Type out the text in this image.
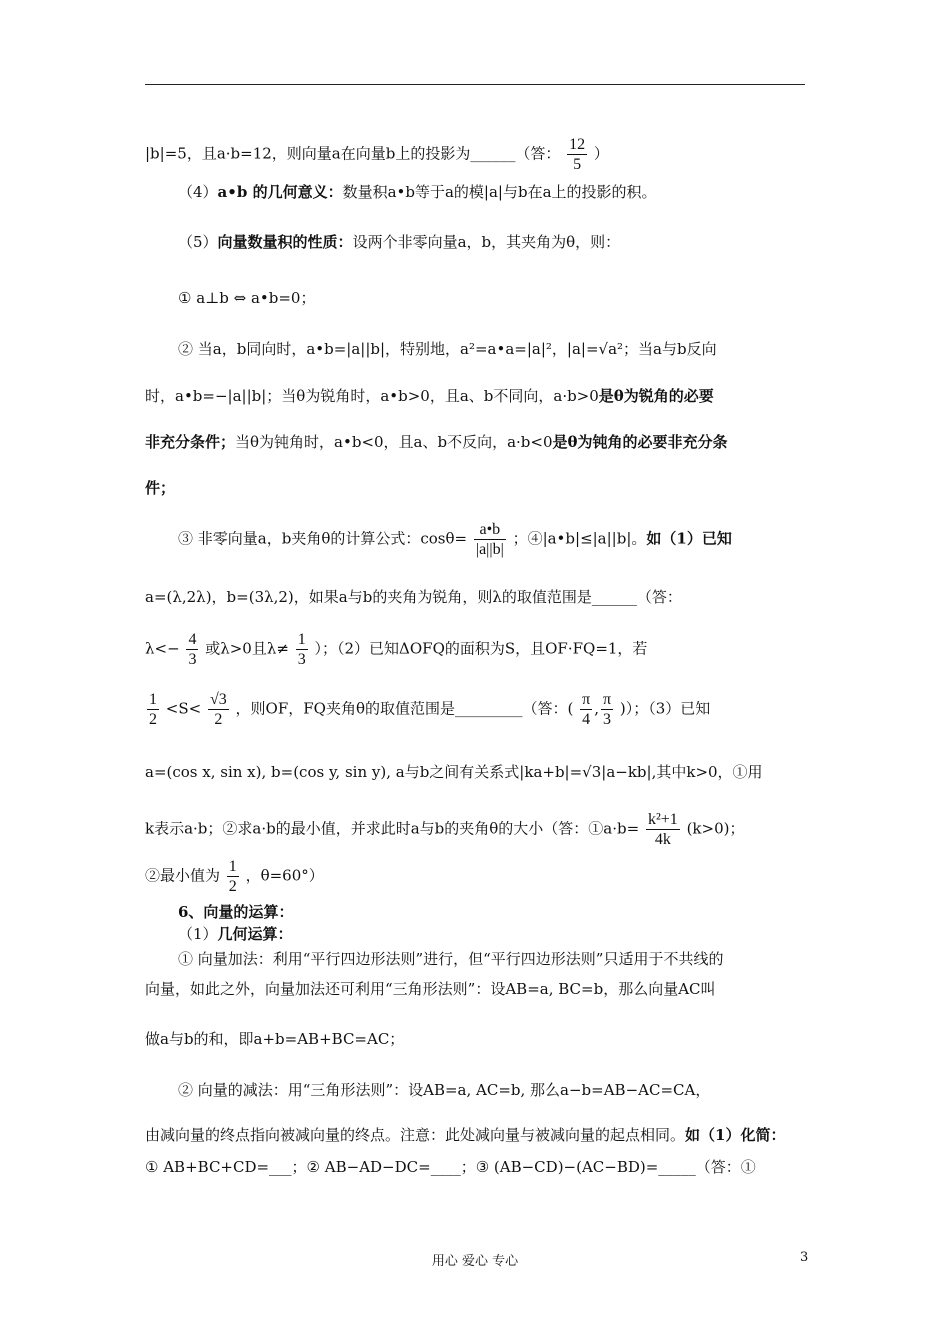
|b|=5，且a·b=12，则向量a在向量b上的投影为______（答： $\frac{12}{5}$ ）
（4）a•b 的几何意义：数量积a•b等于a的模|a|与b在a上的投影的积。
（5）向量数量积的性质：设两个非零向量a，b，其夹角为θ，则：
① a⊥b ⇔ a•b=0；
② 当a，b同向时，a•b=|a||b|，特别地，a²=a•a=|a|²，|a|=√a²；当a与b反向
时，a•b=−|a||b|；当θ为锐角时，a•b>0，且a、b不同向，a·b>0是θ为锐角的必要
非充分条件；当θ为钝角时，a•b<0，且a、b不反向，a·b<0是θ为钝角的必要非充分条
件；
③ 非零向量a，b夹角θ的计算公式：$\cos\theta= \frac{a•b}{|a||b|}$ ；④|a•b|≤|a||b|。如（1）已知
a=(λ,2λ)，b=(3λ,2)，如果a与b的夹角为锐角，则λ的取值范围是______（答：
$\lambda<- \frac{4}{3}$ 或λ>0且$\lambda\ne \frac{1}{3}$ ）；（2）已知ΔOFQ的面积为S，且OF·FQ=1，若
$\frac{1}{2} <S< \frac{√3}{2}$ ，则OF，FQ夹角θ的取值范围是_________（答：( $\frac{\pi}{4}$ , $\frac{\pi}{3}$ )）；（3）已知
a=(cos x, sin x), b=(cos y, sin y), a与b之间有关系式|ka+b|=√3|a−kb|,其中k>0，①用
k表示a·b；②求a·b的最小值，并求此时a与b的夹角θ的大小（答：①a·b= $\frac{\text{k²+1}}{4k} (k>0)$；
②最小值为 $\frac{1}{2}$ ，θ=60°）
6、向量的运算：
（1）几何运算：
① 向量加法：利用“平行四边形法则”进行，但“平行四边形法则”只适用于不共线的
向量，如此之外，向量加法还可利用“三角形法则”：设AB=a, BC=b，那么向量AC叫
做a与b的和，即a+b=AB+BC=AC；
② 向量的减法：用“三角形法则”：设AB=a, AC=b, 那么a−b=AB−AC=CA，
由减向量的终点指向被减向量的终点。注意：此处减向量与被减向量的起点相同。如（1）化简：
① AB+BC+CD=___；② AB−AD−DC=____；③ (AB−CD)−(AC−BD)=_____（答：①
用心 爱心 专心	3
